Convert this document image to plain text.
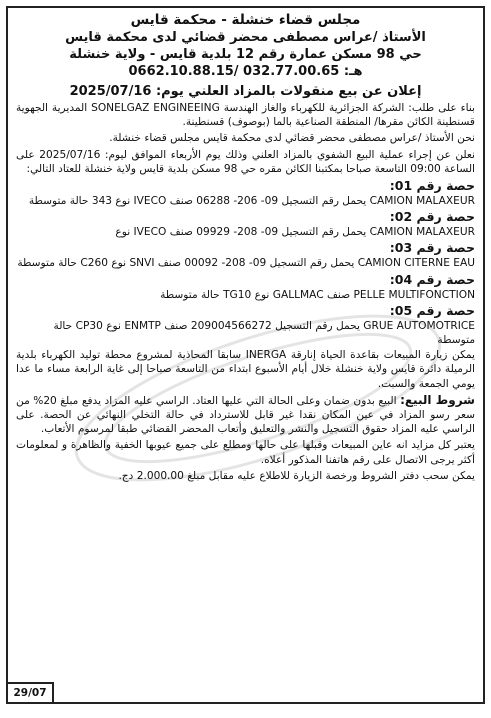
مجلس قضاء خنشلة - محكمة قايس
الأستاذ /عراس مصطفى محضر قضائي لدى محكمة قايس
حي 98 مسكن عمارة رقم 12 بلدية قايس - ولاية خنشلة
هـ: 0662.10.88.15/ 032.77.00.65
إعلان عن بيع منقولات بالمزاد العلني يوم: 2025/07/16

بناء على طلب: الشركة الجزائرية للكهرباء والغاز الهندسة SONELGAZ ENGINEEING المديرية الجهوية قسنطينة الكائن مقرها/ المنطقة الصناعية بالما (بوصوف) قسنطينة.

نحن الأستاذ /عراس مصطفى محضر قضائي لدى محكمة قايس مجلس قضاء خنشلة.

نعلن عن إجراء عملية البيع الشفوي بالمزاد العلني وذلك يوم الأربعاء الموافق ليوم: 2025/07/16 على الساعة 09:00 التاسعة صباحا بمكتبنا الكائن مقره حي 98 مسكن بلدية قايس ولاية خنشلة للعتاد التالي:

حصة رقم 01:
CAMION MALAXEUR يحمل رقم التسجيل 09- 206- 06288 صنف IVECO نوع 343 حالة متوسطة
حصة رقم 02:
CAMION MALAXEUR يحمل رقم التسجيل 09- 208- 09929 صنف IVECO نوع
حصة رقم 03:
CAMION CITERNE EAU يحمل رقم التسجيل 09- 208- 00092 صنف SNVI نوع C260 حالة متوسطة
حصة رقم 04:
PELLE MULTIFONCTION صنف GALLMAC نوع TG10 حالة متوسطة
حصة رقم 05:
GRUE AUTOMOTRICE يحمل رقم التسجيل 209004566272 صنف ENMTP نوع CP30 حالة متوسطة

يمكن زيارة المبيعات بقاعدة الحياة إنارقة INERGA سابقا المحاذية لمشروع محطة توليد الكهرباء بلدية الرميلة دائرة قايس ولاية خنشلة خلال أيام الأسبوع ابتداء من التاسعة صباحا إلى غاية الرابعة مساء ما عدا يومي الجمعة والسبت.

شروط البيع: البيع بدون ضمان وعلى الحالة التي عليها العتاد. الراسي عليه المزاد يدفع مبلغ 20% من سعر رسو المزاد في عين المكان نقدا غير قابل للاسترداد في حالة التخلي النهائي عن الحصة. على الراسي عليه المزاد حقوق التسجيل والنشر والتعليق وأتعاب المحضر القضائي طبقا لمرسوم الأتعاب.

يعتبر كل مزايد انه عاين المبيعات وقبلها على حالها ومطلع على جميع عيوبها الخفية والظاهرة و لمعلومات أكثر يرجى الاتصال على رقم هاتفنا المذكور أعلاه.

يمكن سحب دفتر الشروط ورخصة الزيارة للاطلاع عليه مقابل مبلغ 2.000.00 دج.

29/07
